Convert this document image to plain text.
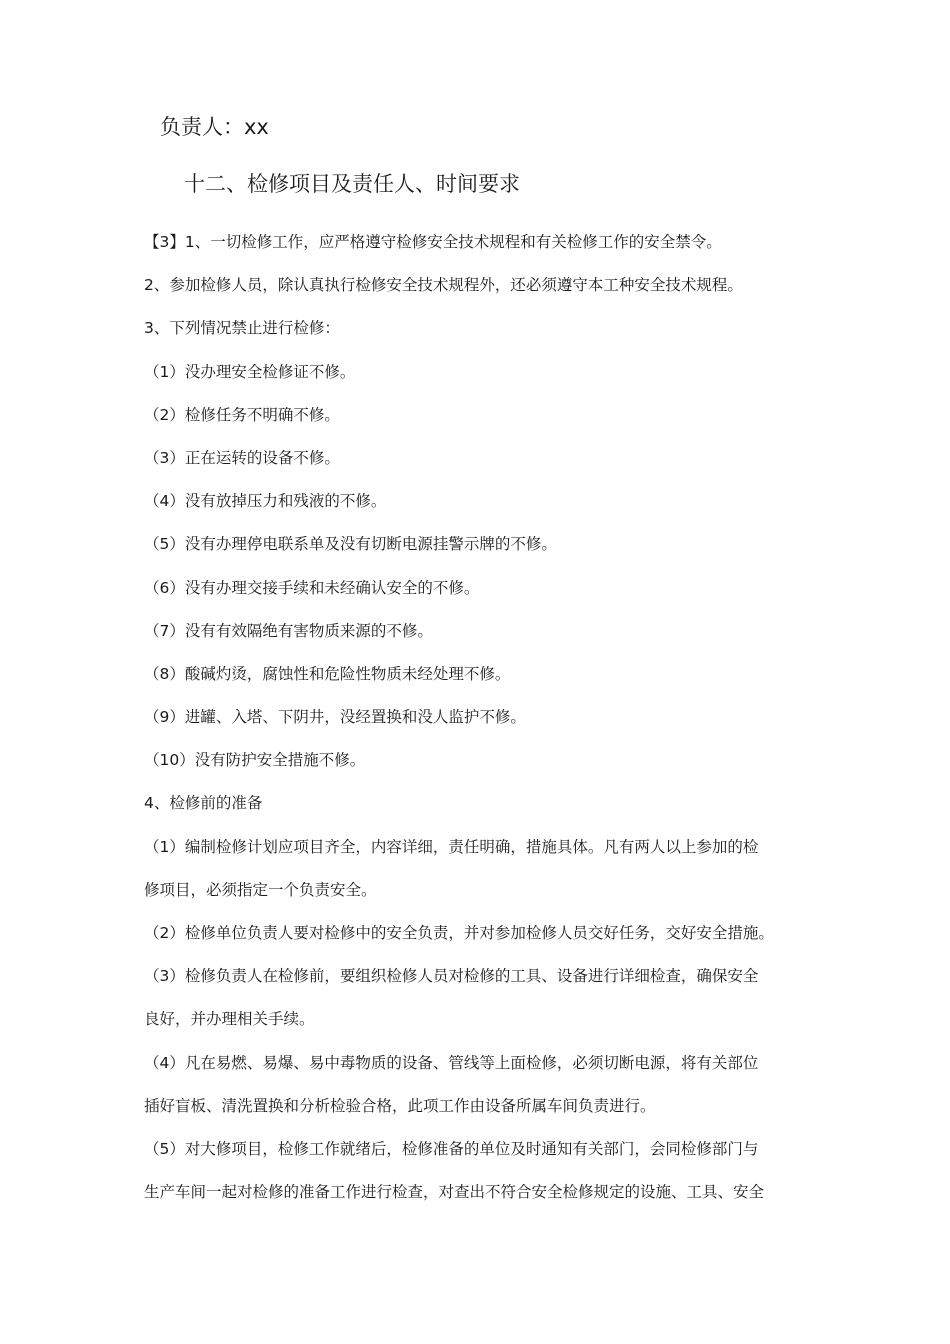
负责人：xx
十二、检修项目及责任人、时间要求
【3】1、一切检修工作，应严格遵守检修安全技术规程和有关检修工作的安全禁令。
2、参加检修人员，除认真执行检修安全技术规程外，还必须遵守本工种安全技术规程。
3、下列情况禁止进行检修：
（1）没办理安全检修证不修。
（2）检修任务不明确不修。
（3）正在运转的设备不修。
（4）没有放掉压力和残液的不修。
（5）没有办理停电联系单及没有切断电源挂警示牌的不修。
（6）没有办理交接手续和未经确认安全的不修。
（7）没有有效隔绝有害物质来源的不修。
（8）酸碱灼烫，腐蚀性和危险性物质未经处理不修。
（9）进罐、入塔、下阴井，没经置换和没人监护不修。
（10）没有防护安全措施不修。
4、检修前的准备
（1）编制检修计划应项目齐全，内容详细，责任明确，措施具体。凡有两人以上参加的检
修项目，必须指定一个负责安全。
（2）检修单位负责人要对检修中的安全负责，并对参加检修人员交好任务，交好安全措施。
（3）检修负责人在检修前，要组织检修人员对检修的工具、设备进行详细检查，确保安全
良好，并办理相关手续。
（4）凡在易燃、易爆、易中毒物质的设备、管线等上面检修，必须切断电源，将有关部位
插好盲板、清洗置换和分析检验合格，此项工作由设备所属车间负责进行。
（5）对大修项目，检修工作就绪后，检修准备的单位及时通知有关部门，会同检修部门与
生产车间一起对检修的准备工作进行检查，对查出不符合安全检修规定的设施、工具、安全
